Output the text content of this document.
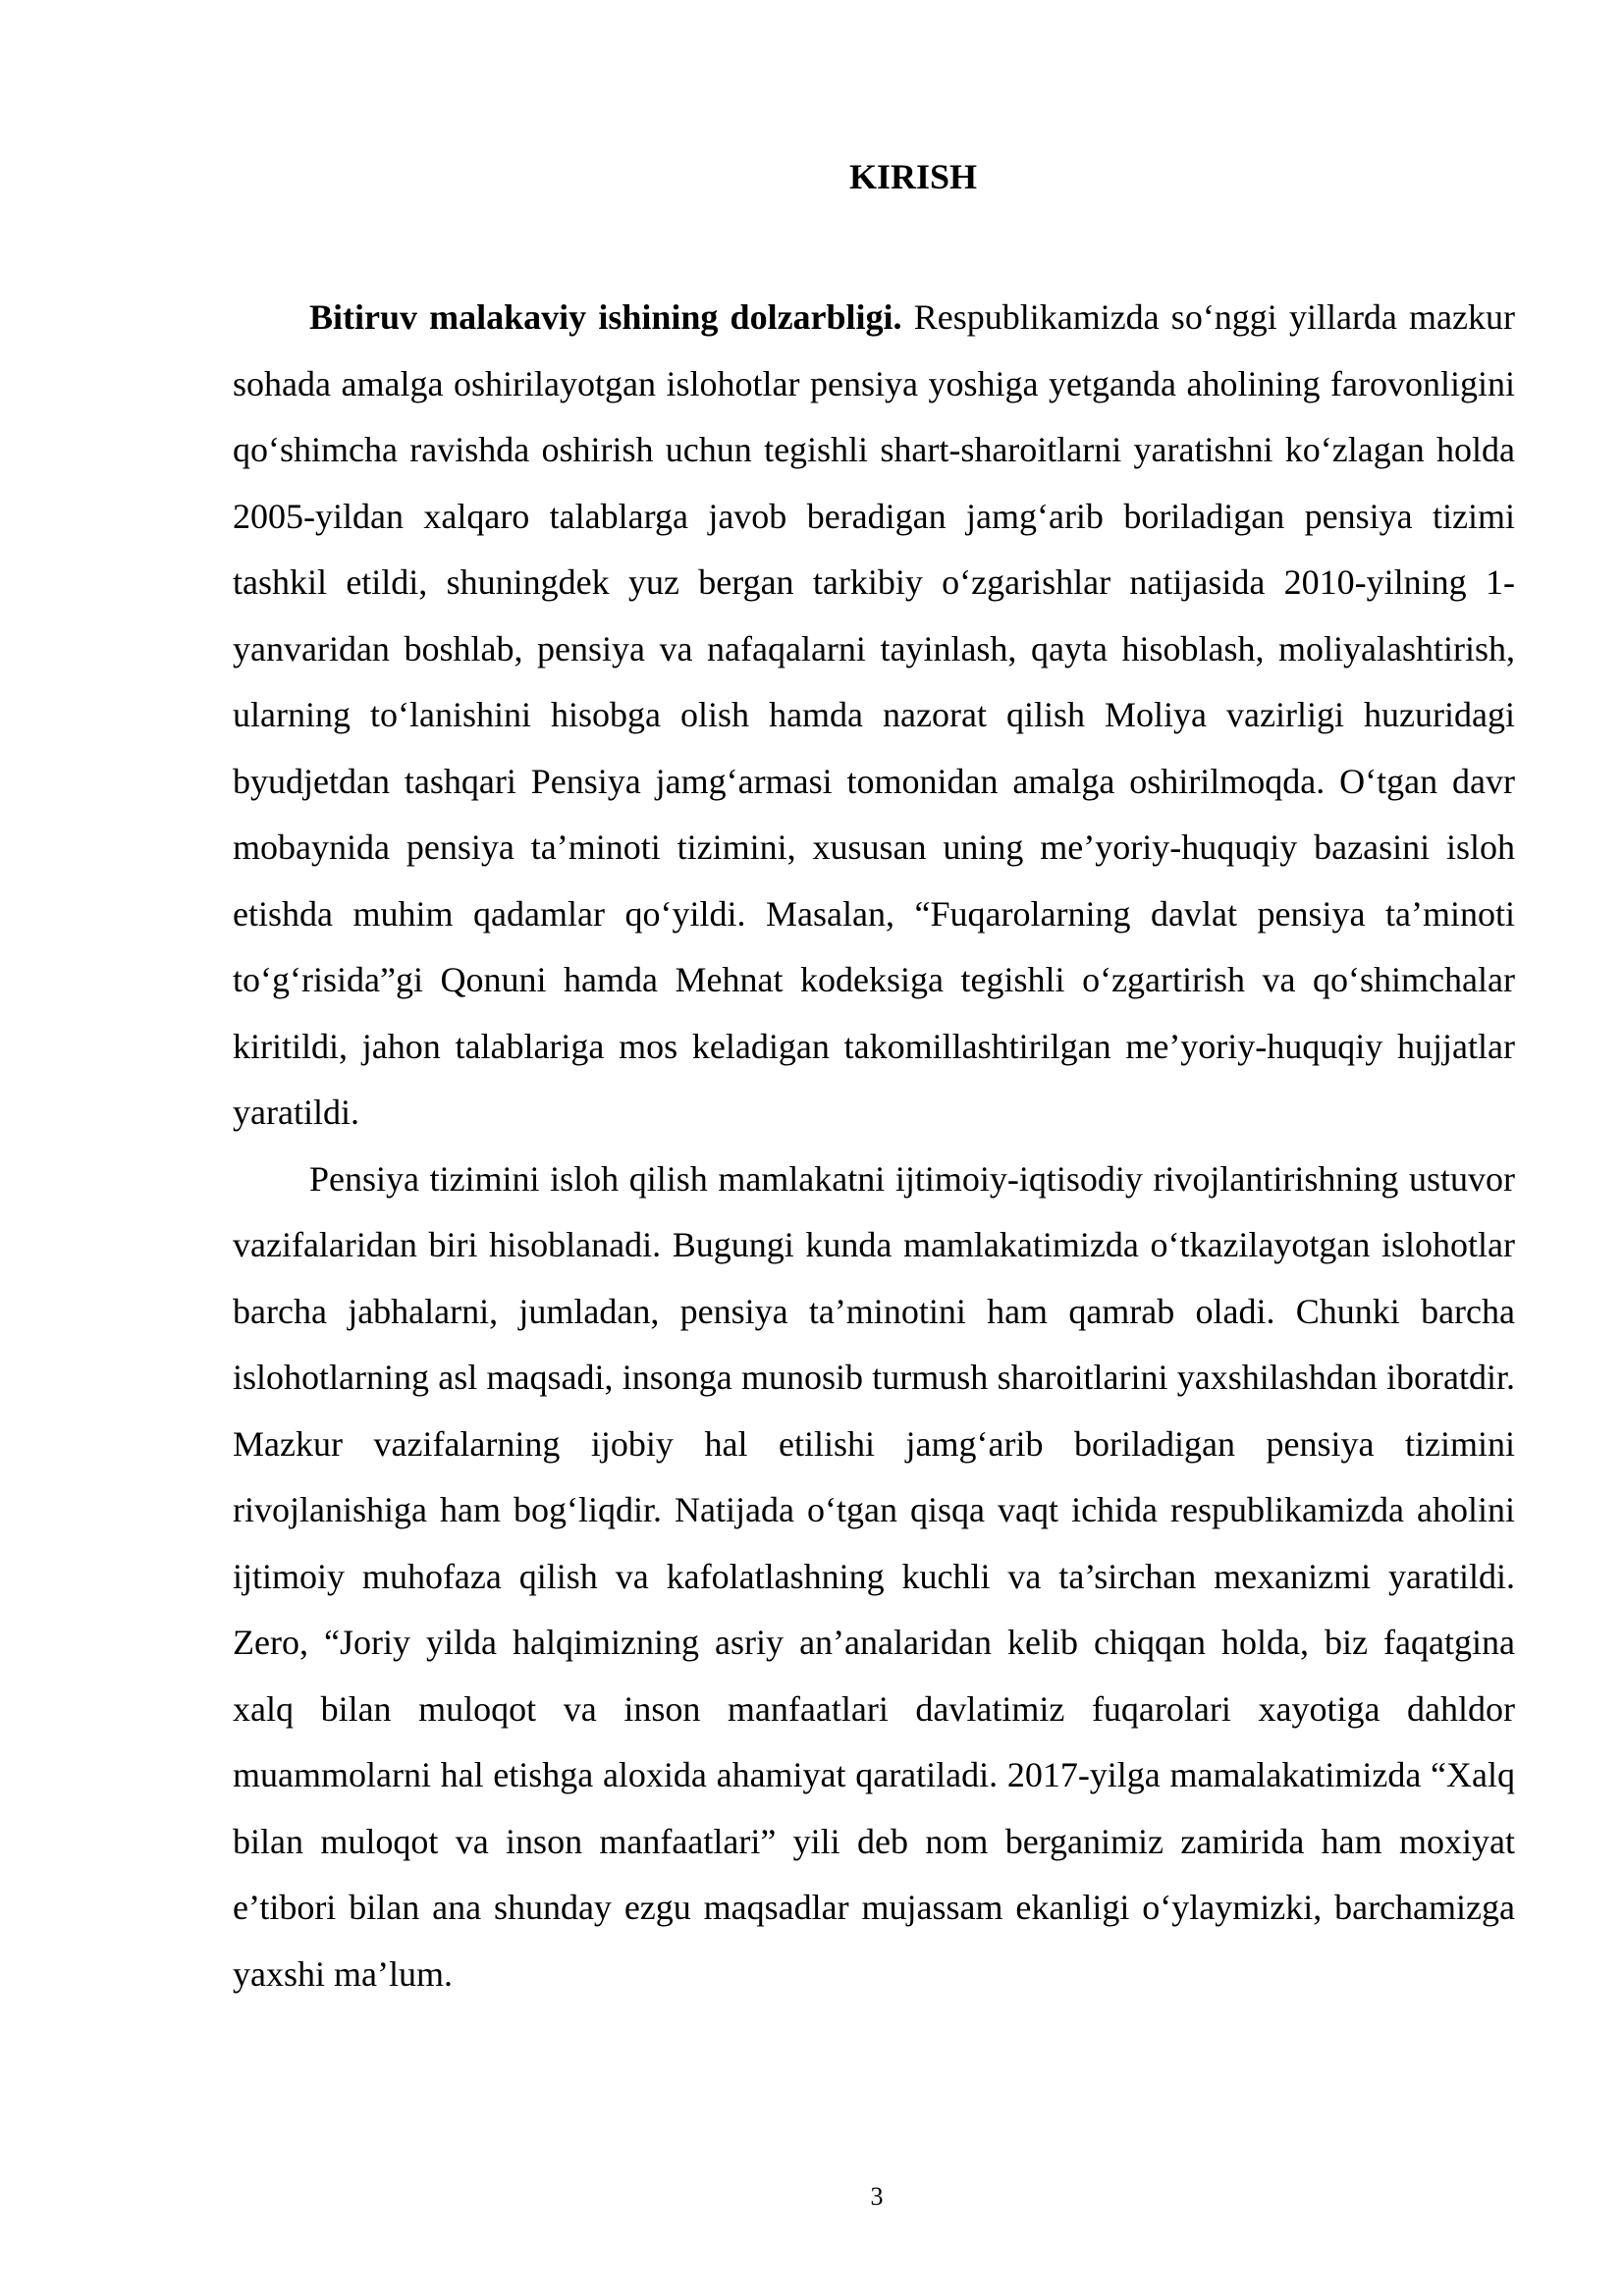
KIRISH

Bitiruv malakaviy ishining dolzarbligi. Respublikamizda so‘nggi yillarda mazkur sohada amalga oshirilayotgan islohotlar pensiya yoshiga yetganda aholining farovonligini qo‘shimcha ravishda oshirish uchun tegishli shart-sharoitlarni yaratishni ko‘zlagan holda 2005-yildan xalqaro talablarga javob beradigan jamg‘arib boriladigan pensiya tizimi tashkil etildi, shuningdek yuz bergan tarkibiy o‘zgarishlar natijasida 2010-yilning 1-yanvaridan boshlab, pensiya va nafaqalarni tayinlash, qayta hisoblash, moliyalashtirish, ularning to‘lanishini hisobga olish hamda nazorat qilish Moliya vazirligi huzuridagi byudjetdan tashqari Pensiya jamg‘armasi tomonidan amalga oshirilmoqda. O‘tgan davr mobaynida pensiya ta’minoti tizimini, xususan uning me’yoriy-huquqiy bazasini isloh etishda muhim qadamlar qo‘yildi. Masalan, “Fuqarolarning davlat pensiya ta’minoti to‘g‘risida”gi Qonuni hamda Mehnat kodeksiga tegishli o‘zgartirish va qo‘shimchalar kiritildi, jahon talablariga mos keladigan takomillashtirilgan me’yoriy-huquqiy hujjatlar yaratildi.

Pensiya tizimini isloh qilish mamlakatni ijtimoiy-iqtisodiy rivojlantirishning ustuvor vazifalaridan biri hisoblanadi. Bugungi kunda mamlakatimizda o‘tkazilayotgan islohotlar barcha jabhalarni, jumladan, pensiya ta’minotini ham qamrab oladi. Chunki barcha islohotlarning asl maqsadi, insonga munosib turmush sharoitlarini yaxshilashdan iboratdir. Mazkur vazifalarning ijobiy hal etilishi jamg‘arib boriladigan pensiya tizimini rivojlanishiga ham bog‘liqdir. Natijada o‘tgan qisqa vaqt ichida respublikamizda aholini ijtimoiy muhofaza qilish va kafolatlashning kuchli va ta’sirchan mexanizmi yaratildi. Zero, “Joriy yilda halqimizning asriy an’analaridan kelib chiqqan holda, biz faqatgina xalq bilan muloqot va inson manfaatlari davlatimiz fuqarolari xayotiga dahldor muammolarni hal etishga aloxida ahamiyat qaratiladi. 2017-yilga mamalakatimizda “Xalq bilan muloqot va inson manfaatlari” yili deb nom berganimiz zamirida ham moxiyat e’tibori bilan ana shunday ezgu maqsadlar mujassam ekanligi o‘ylaymizki, barchamizga yaxshi ma’lum.

3
